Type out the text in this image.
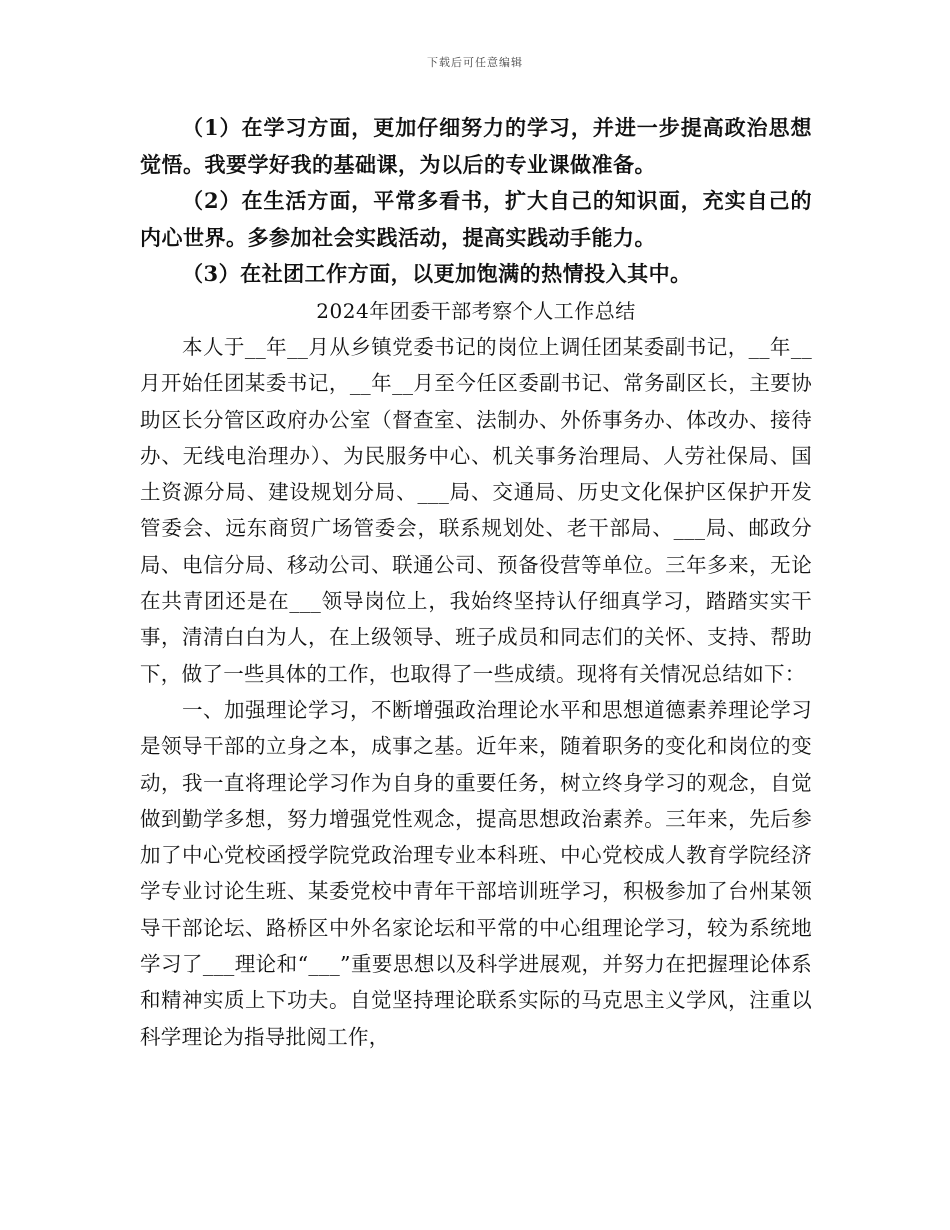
下载后可任意编辑

（1）在学习方面，更加仔细努力的学习，并进一步提高政治思想觉悟。我要学好我的基础课，为以后的专业课做准备。

（2）在生活方面，平常多看书，扩大自己的知识面，充实自己的内心世界。多参加社会实践活动，提高实践动手能力。

（3）在社团工作方面，以更加饱满的热情投入其中。

2024年团委干部考察个人工作总结

本人于__年__月从乡镇党委书记的岗位上调任团某委副书记，__年__月开始任团某委书记，__年__月至今任区委副书记、常务副区长，主要协助区长分管区政府办公室（督查室、法制办、外侨事务办、体改办、接待办、无线电治理办）、为民服务中心、机关事务治理局、人劳社保局、国土资源分局、建设规划分局、___局、交通局、历史文化保护区保护开发管委会、远东商贸广场管委会，联系规划处、老干部局、___局、邮政分局、电信分局、移动公司、联通公司、预备役营等单位。三年多来，无论在共青团还是在___领导岗位上，我始终坚持认仔细真学习，踏踏实实干事，清清白白为人，在上级领导、班子成员和同志们的关怀、支持、帮助下，做了一些具体的工作，也取得了一些成绩。现将有关情况总结如下：

一、加强理论学习，不断增强政治理论水平和思想道德素养理论学习是领导干部的立身之本，成事之基。近年来，随着职务的变化和岗位的变动，我一直将理论学习作为自身的重要任务，树立终身学习的观念，自觉做到勤学多想，努力增强党性观念，提高思想政治素养。三年来，先后参加了中心党校函授学院党政治理专业本科班、中心党校成人教育学院经济学专业讨论生班、某委党校中青年干部培训班学习，积极参加了台州某领导干部论坛、路桥区中外名家论坛和平常的中心组理论学习，较为系统地学习了___理论和“___”重要思想以及科学进展观，并努力在把握理论体系和精神实质上下功夫。自觉坚持理论联系实际的马克思主义学风，注重以科学理论为指导批阅工作，
